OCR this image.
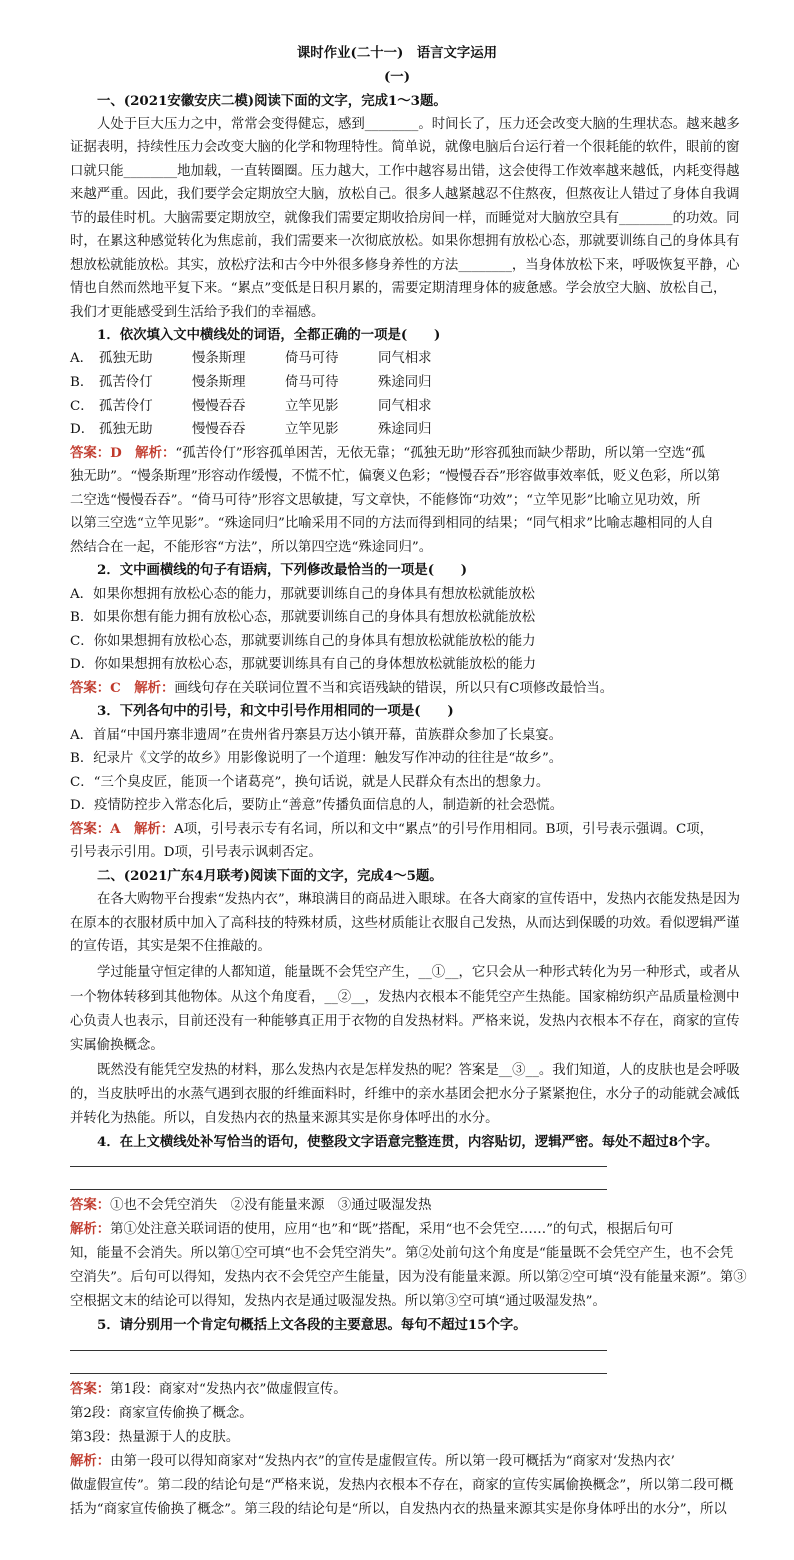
课时作业(二十一)　语言文字运用
(一)
一、(2021安徽安庆二模)阅读下面的文字，完成1～3题。
人处于巨大压力之中，常常会变得健忘，感到________。时间长了，压力还会改变大脑的生理状态。越来越多
证据表明，持续性压力会改变大脑的化学和物理特性。简单说，就像电脑后台运行着一个很耗能的软件，眼前的窗
口就只能________地加载，一直转圈圈。压力越大，工作中越容易出错，这会使得工作效率越来越低，内耗变得越
来越严重。因此，我们要学会定期放空大脑，放松自己。很多人越紧越忍不住熬夜，但熬夜让人错过了身体自我调
节的最佳时机。大脑需要定期放空，就像我们需要定期收拾房间一样，而睡觉对大脑放空具有________的功效。同
时，在累这种感觉转化为焦虑前，我们需要来一次彻底放松。如果你想拥有放松心态，那就要训练自己的身体具有
想放松就能放松。其实，放松疗法和古今中外很多修身养性的方法________，当身体放松下来，呼吸恢复平静，心
情也自然而然地平复下来。“累点”变低是日积月累的，需要定期清理身体的疲惫感。学会放空大脑、放松自己，
我们才更能感受到生活给予我们的幸福感。
1．依次填入文中横线处的词语，全都正确的一项是(　　)
A． 孤独无助	慢条斯理	倚马可待	同气相求
B． 孤苦伶仃	慢条斯理	倚马可待	殊途同归
C． 孤苦伶仃	慢慢吞吞	立竿见影	同气相求
D． 孤独无助	慢慢吞吞	立竿见影	殊途同归
答案：D　解析：“孤苦伶仃”形容孤单困苦，无依无靠；“孤独无助”形容孤独而缺少帮助，所以第一空选“孤
独无助”。“慢条斯理”形容动作缓慢，不慌不忙，偏褒义色彩；“慢慢吞吞”形容做事效率低，贬义色彩，所以第
二空选“慢慢吞吞”。“倚马可待”形容文思敏捷，写文章快，不能修饰“功效”；“立竿见影”比喻立见功效，所
以第三空选“立竿见影”。“殊途同归”比喻采用不同的方法而得到相同的结果；“同气相求”比喻志趣相同的人自
然结合在一起，不能形容“方法”，所以第四空选“殊途同归”。
2．文中画横线的句子有语病，下列修改最恰当的一项是(　　)
A．如果你想拥有放松心态的能力，那就要训练自己的身体具有想放松就能放松
B．如果你想有能力拥有放松心态，那就要训练自己的身体具有想放松就能放松
C．你如果想拥有放松心态，那就要训练自己的身体具有想放松就能放松的能力
D．你如果想拥有放松心态，那就要训练具有自己的身体想放松就能放松的能力
答案：C　解析：画线句存在关联词位置不当和宾语残缺的错误，所以只有C项修改最恰当。
3．下列各句中的引号，和文中引号作用相同的一项是(　　)
A．首届“中国丹寨非遗周”在贵州省丹寨县万达小镇开幕，苗族群众参加了长桌宴。
B．纪录片《文学的故乡》用影像说明了一个道理：触发写作冲动的往往是“故乡”。
C．“三个臭皮匠，能顶一个诸葛亮”，换句话说，就是人民群众有杰出的想象力。
D．疫情防控步入常态化后，要防止“善意”传播负面信息的人，制造新的社会恐慌。
答案：A　解析：A项，引号表示专有名词，所以和文中“累点”的引号作用相同。B项，引号表示强调。C项，
引号表示引用。D项，引号表示讽刺否定。
二、(2021广东4月联考)阅读下面的文字，完成4～5题。
在各大购物平台搜索“发热内衣”，琳琅满目的商品进入眼球。在各大商家的宣传语中，发热内衣能发热是因为
在原本的衣服材质中加入了高科技的特殊材质，这些材质能让衣服自己发热，从而达到保暖的功效。看似逻辑严谨
的宣传语，其实是架不住推敲的。
学过能量守恒定律的人都知道，能量既不会凭空产生，__①__，它只会从一种形式转化为另一种形式，或者从
一个物体转移到其他物体。从这个角度看，__②__，发热内衣根本不能凭空产生热能。国家棉纺织产品质量检测中
心负责人也表示，目前还没有一种能够真正用于衣物的自发热材料。严格来说，发热内衣根本不存在，商家的宣传
实属偷换概念。
既然没有能凭空发热的材料，那么发热内衣是怎样发热的呢？答案是__③__。我们知道，人的皮肤也是会呼吸
的，当皮肤呼出的水蒸气遇到衣服的纤维面料时，纤维中的亲水基团会把水分子紧紧抱住，水分子的动能就会减低
并转化为热能。所以，自发热内衣的热量来源其实是你身体呼出的水分。
4．在上文横线处补写恰当的语句，使整段文字语意完整连贯，内容贴切，逻辑严密。每处不超过8个字。
答案：①也不会凭空消失　②没有能量来源　③通过吸湿发热
解析：第①处注意关联词语的使用，应用“也”和“既”搭配，采用“也不会凭空……”的句式，根据后句可
知，能量不会消失。所以第①空可填“也不会凭空消失”。第②处前句这个角度是“能量既不会凭空产生，也不会凭
空消失”。后句可以得知，发热内衣不会凭空产生能量，因为没有能量来源。所以第②空可填“没有能量来源”。第③
空根据文末的结论可以得知，发热内衣是通过吸湿发热。所以第③空可填“通过吸湿发热”。
5．请分别用一个肯定句概括上文各段的主要意思。每句不超过15个字。
答案：第1段：商家对“发热内衣”做虚假宣传。
第2段：商家宣传偷换了概念。
第3段：热量源于人的皮肤。
解析：由第一段可以得知商家对“发热内衣”的宣传是虚假宣传。所以第一段可概括为“商家对‘发热内衣’
做虚假宣传”。第二段的结论句是“严格来说，发热内衣根本不存在，商家的宣传实属偷换概念”，所以第二段可概
括为“商家宣传偷换了概念”。第三段的结论句是“所以，自发热内衣的热量来源其实是你身体呼出的水分”，所以
